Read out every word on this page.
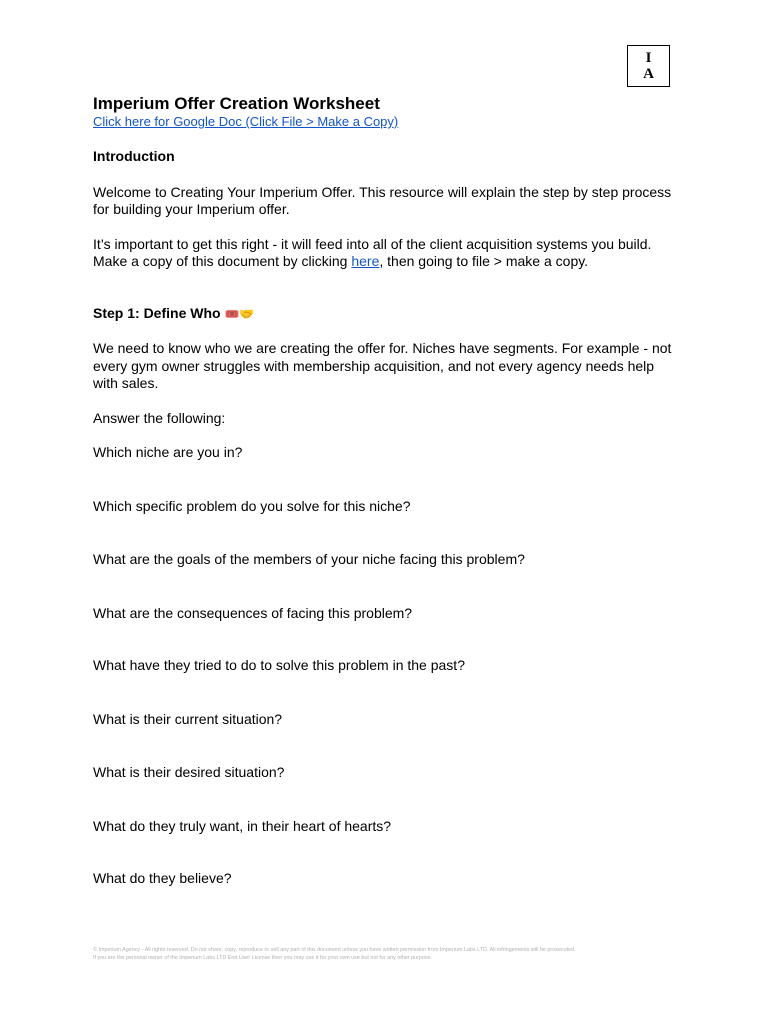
I
A
Imperium Offer Creation Worksheet
Click here for Google Doc (Click File > Make a Copy)
Introduction

Welcome to Creating Your Imperium Offer. This resource will explain the step by step process for building your Imperium offer.

It’s important to get this right - it will feed into all of the client acquisition systems you build. Make a copy of this document by clicking here, then going to file > make a copy.

Step 1: Define Who 🎟️🤝

We need to know who we are creating the offer for. Niches have segments. For example - not every gym owner struggles with membership acquisition, and not every agency needs help with sales.

Answer the following:

Which niche are you in?

Which specific problem do you solve for this niche?

What are the goals of the members of your niche facing this problem?

What are the consequences of facing this problem?

What have they tried to do to solve this problem in the past?

What is their current situation?

What is their desired situation?

What do they truly want, in their heart of hearts?

What do they believe?

© Imperium Agency - All rights reserved. Do not share, copy, reproduce or sell any part of this document unless you have written permission from Imperium Labs LTD. All infringements will be prosecuted.
If you are the personal owner of the Imperium Labs LTD End User License then you may use it for your own use but not for any other purpose.
